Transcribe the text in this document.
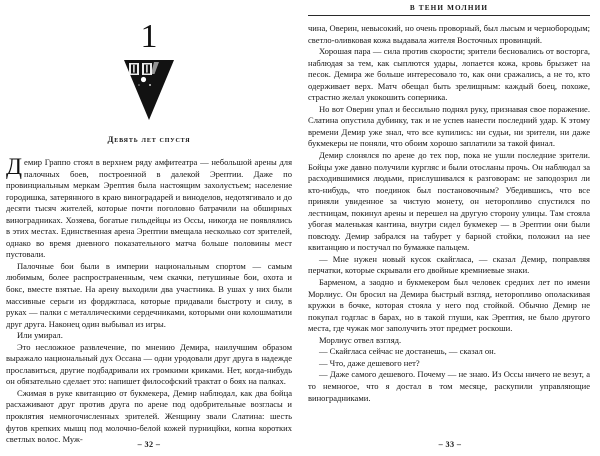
1
Девять лет спустя

Демир Граппо стоял в верхнем ряду амфитеатра — небольшой арены для палочных боев, построенной в далекой Эрептии. Даже по провинциальным меркам Эрептия была настоящим захолустьем; население городишка, затерянного в краю виноградарей и виноделов, недотягивало и до десяти тысяч жителей, которые почти поголовно батрачили на обширных виноградниках. Хозяева, богатые гильдейцы из Оссы, никогда не появлялись в этих местах. Единственная арена Эрептии вмещала несколько сот зрителей, однако во время дневного показательного матча больше половины мест пустовали.

Палочные бои были в империи национальным спортом — самым любимым, более распространенным, чем скачки, петушиные бои, охота и бокс, вместе взятые. На арену выходили два участника. В ушах у них были массивные серьги из форджгласа, которые придавали быстроту и силу, в руках — палки с металлическими сердечниками, которыми они колошматили друг друга. Наконец один выбывал из игры.

Или умирал.

Это несложное развлечение, по мнению Демира, наилучшим образом выражало национальный дух Оссана — одни уродовали друг друга в надежде прославиться, другие подбадривали их громкими криками. Нет, когда-нибудь он обязательно сделает это: напишет философский трактат о боях на палках.

Сжимая в руке квитанцию от букмекера, Демир наблюдал, как два бойца расхаживают друг против друга по арене под одобрительные возгласы и проклятия немногочисленных зрителей. Женщину звали Слатина: шесть футов крепких мышц под молочно-белой кожей пурницйки, копна коротких светлых волос. Муж-

– 32 –
В ТЕНИ МОЛНИИ

чина, Оверин, невысокий, но очень проворный, был лысым и чернобородым; светло-оливковая кожа выдавала жителя Восточных провинций.

Хорошая пара — сила против скорости; зрители бесновались от восторга, наблюдая за тем, как сыплются удары, лопается кожа, кровь брызжет на песок. Демира же больше интересовало то, как они сражались, а не то, кто одерживает верх. Матч обещал быть зрелищным: каждый боец, похоже, страстно желал укокошить соперника.

Но вот Оверин упал и бессильно поднял руку, признавая свое поражение. Слатина опустила дубинку, так и не успев нанести последний удар. К этому времени Демир уже знал, что все купились: ни судьи, ни зрители, ни даже букмекеры не поняли, что обоим хорошо заплатили за такой финал.

Демир слонялся по арене до тех пор, пока не ушли последние зрители. Бойцы уже давно получили кургляс и были отосланы прочь. Он наблюдал за расходившимися людьми, прислушивался к разговорам: не заподозрил ли кто-нибудь, что поединок был постановочным? Убедившись, что все приняли увиденное за чистую монету, он неторопливо спустился по лестницам, покинул арены и перешел на другую сторону улицы. Там стояла убогая маленькая кантина, внутри сидел букмекер — в Эрептии они были повсюду. Демир забрался на табурет у барной стойки, положил на нее квитанцию и постучал по бумажке пальцем.

— Мне нужен новый кусок скайгласа, — сказал Демир, поправляя перчатки, которые скрывали его двойные кремниевые знаки.

Барменом, а заодно и букмекером был человек средних лет по имени Морлиус. Он бросил на Демира быстрый взгляд, неторопливо ополаскивая кружки в бочке, которая стояла у него под стойкой. Обычно Демир не покупал годглас в барах, но в такой глуши, как Эрептия, не было другого места, где чужак мог заполучить этот предмет роскоши.

Морлиус отвел взгляд.

— Скайгласа сейчас не достанешь, — сказал он.

— Что, даже дешевого нет?

— Даже самого дешевого. Почему — не знаю. Из Оссы ничего не везут, а то немногое, что я достал в том месяце, раскупили управляющие виноградниками.

– 33 –
